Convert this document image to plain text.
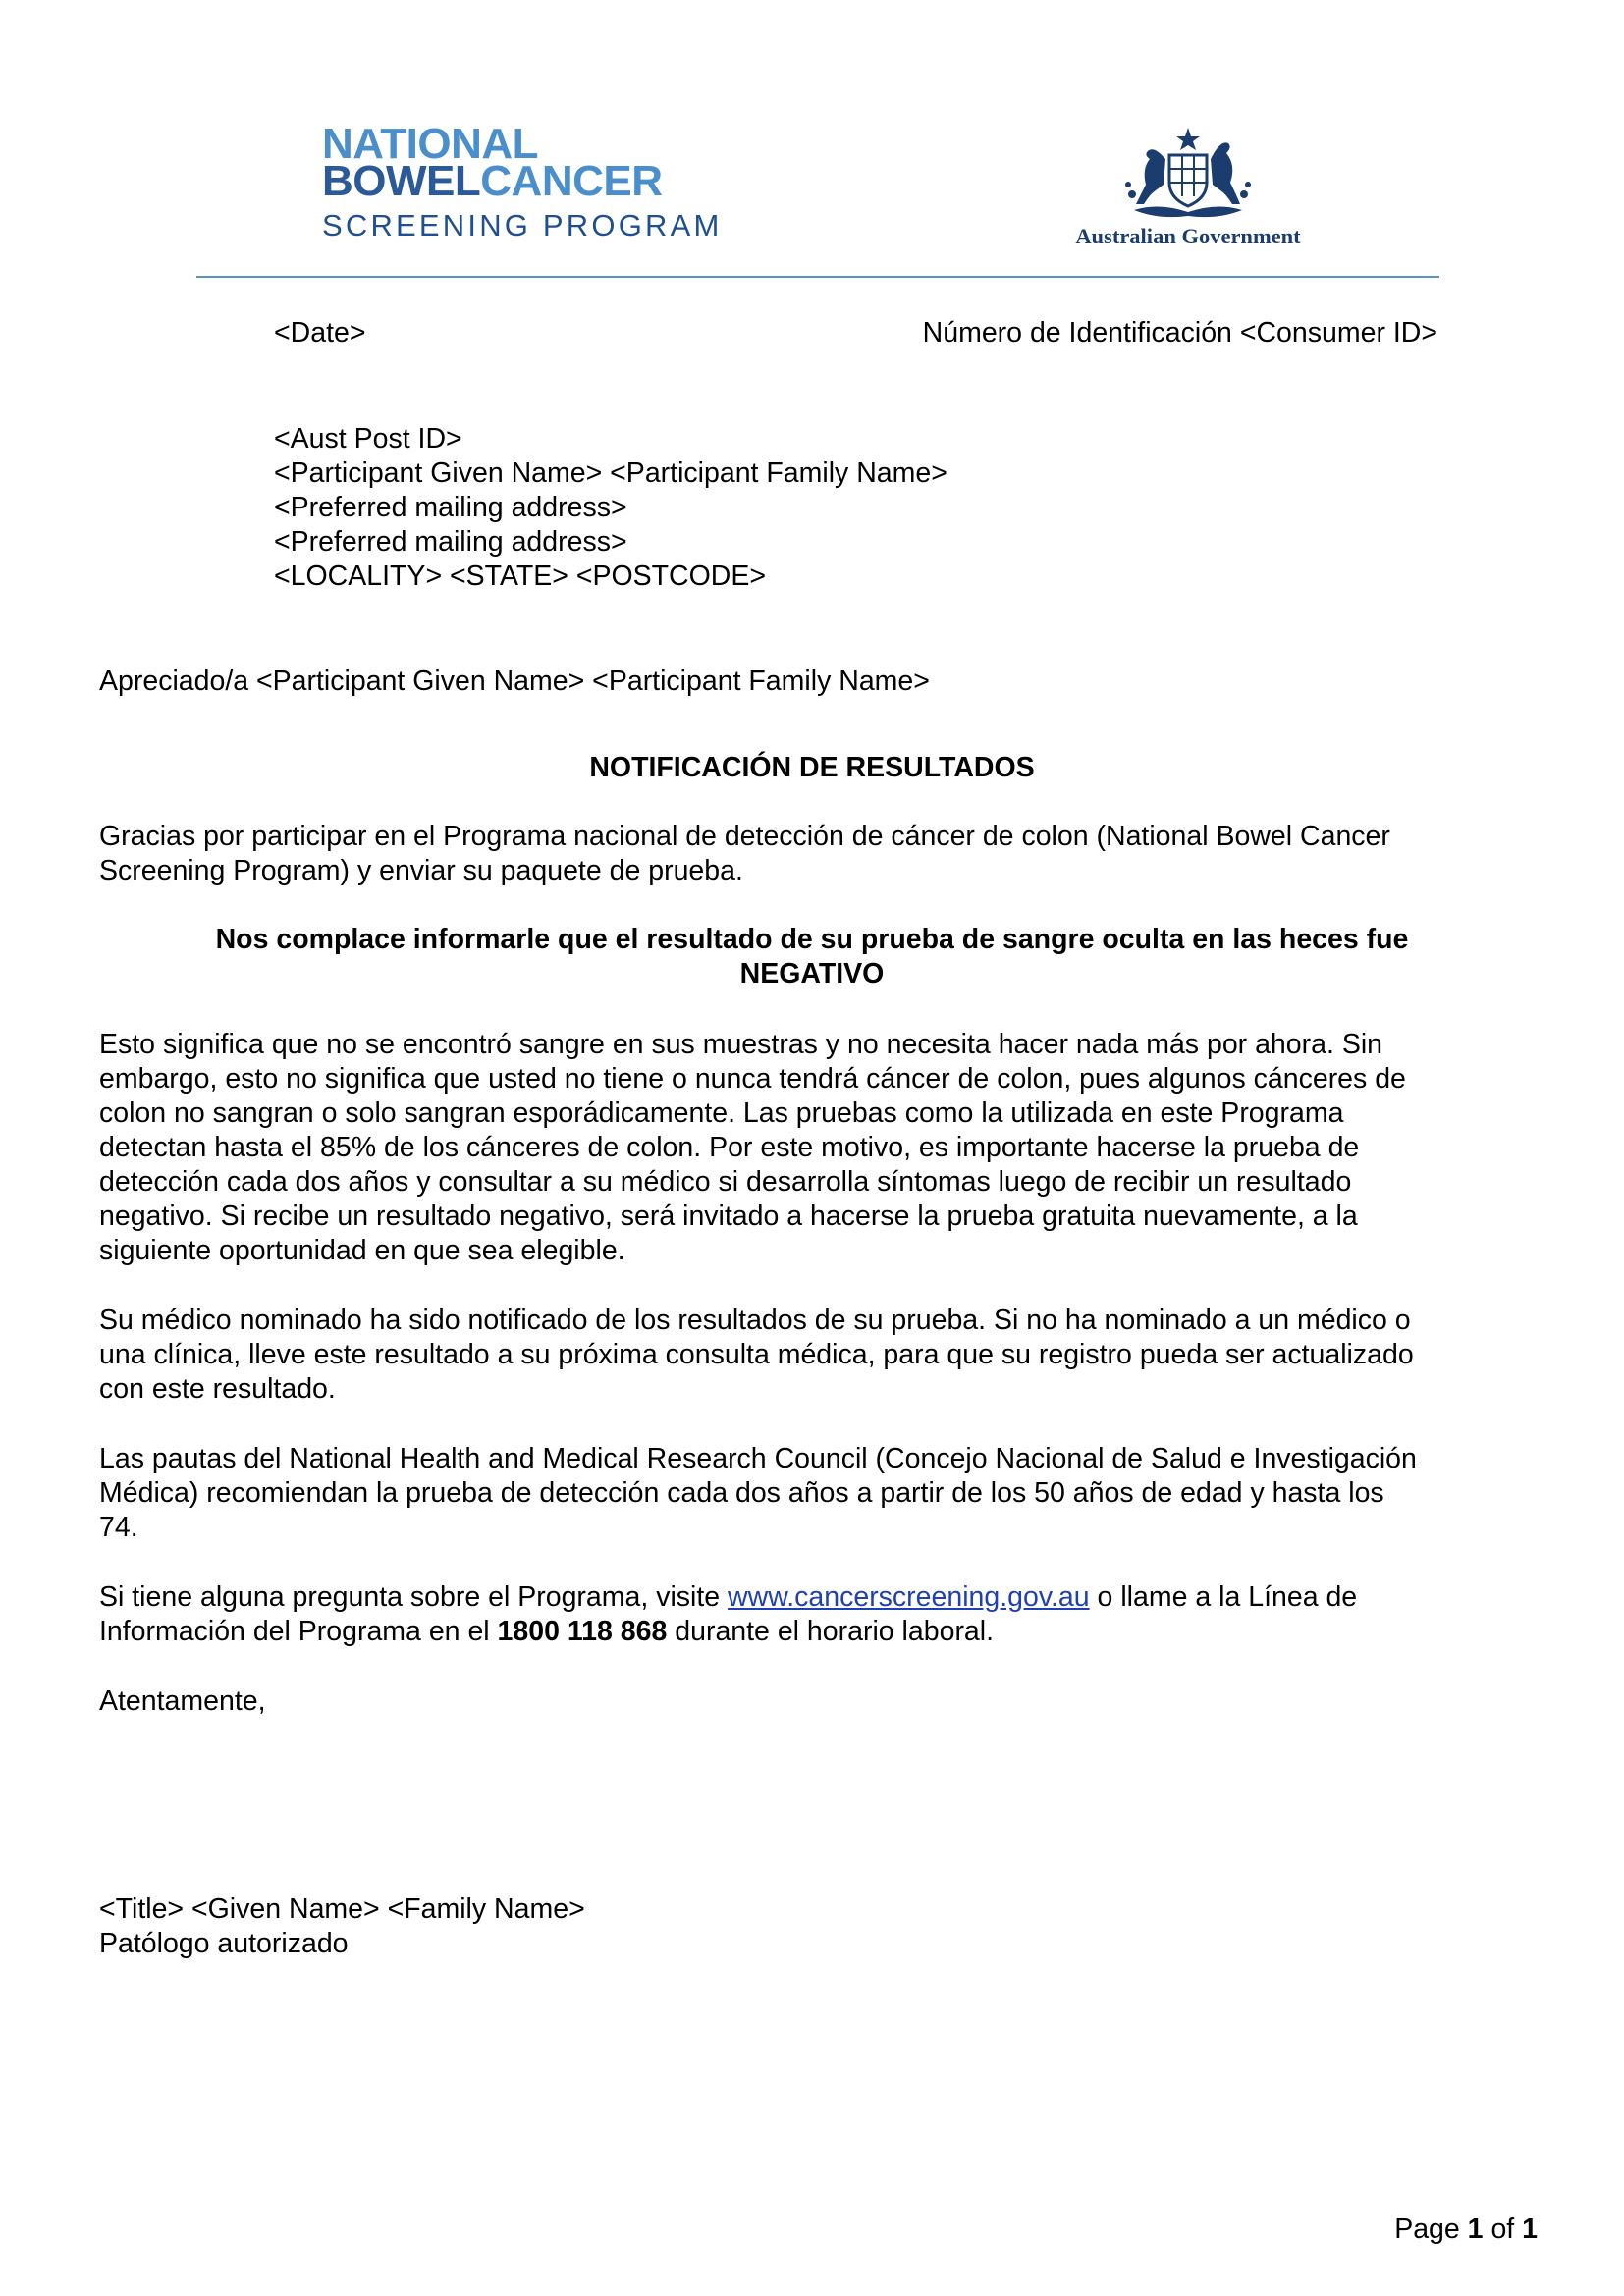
NATIONAL
BOWELCANCER
SCREENING PROGRAM	Australian Government
<Date>	Número de Identificación <Consumer ID>
<Aust Post ID>
<Participant Given Name> <Participant Family Name>
<Preferred mailing address>
<Preferred mailing address>
<LOCALITY> <STATE> <POSTCODE>
Apreciado/a <Participant Given Name> <Participant Family Name>
NOTIFICACIÓN DE RESULTADOS
Gracias por participar en el Programa nacional de detección de cáncer de colon (National Bowel Cancer
Screening Program) y enviar su paquete de prueba.
Nos complace informarle que el resultado de su prueba de sangre oculta en las heces fue
NEGATIVO
Esto significa que no se encontró sangre en sus muestras y no necesita hacer nada más por ahora. Sin
embargo, esto no significa que usted no tiene o nunca tendrá cáncer de colon, pues algunos cánceres de
colon no sangran o solo sangran esporádicamente. Las pruebas como la utilizada en este Programa
detectan hasta el 85% de los cánceres de colon. Por este motivo, es importante hacerse la prueba de
detección cada dos años y consultar a su médico si desarrolla síntomas luego de recibir un resultado
negativo. Si recibe un resultado negativo, será invitado a hacerse la prueba gratuita nuevamente, a la
siguiente oportunidad en que sea elegible.
Su médico nominado ha sido notificado de los resultados de su prueba. Si no ha nominado a un médico o
una clínica, lleve este resultado a su próxima consulta médica, para que su registro pueda ser actualizado
con este resultado.
Las pautas del National Health and Medical Research Council (Concejo Nacional de Salud e Investigación
Médica) recomiendan la prueba de detección cada dos años a partir de los 50 años de edad y hasta los
74.
Si tiene alguna pregunta sobre el Programa, visite www.cancerscreening.gov.au o llame a la Línea de
Información del Programa en el 1800 118 868 durante el horario laboral.
Atentamente,
<Title> <Given Name> <Family Name>
Patólogo autorizado
Page 1 of 1
